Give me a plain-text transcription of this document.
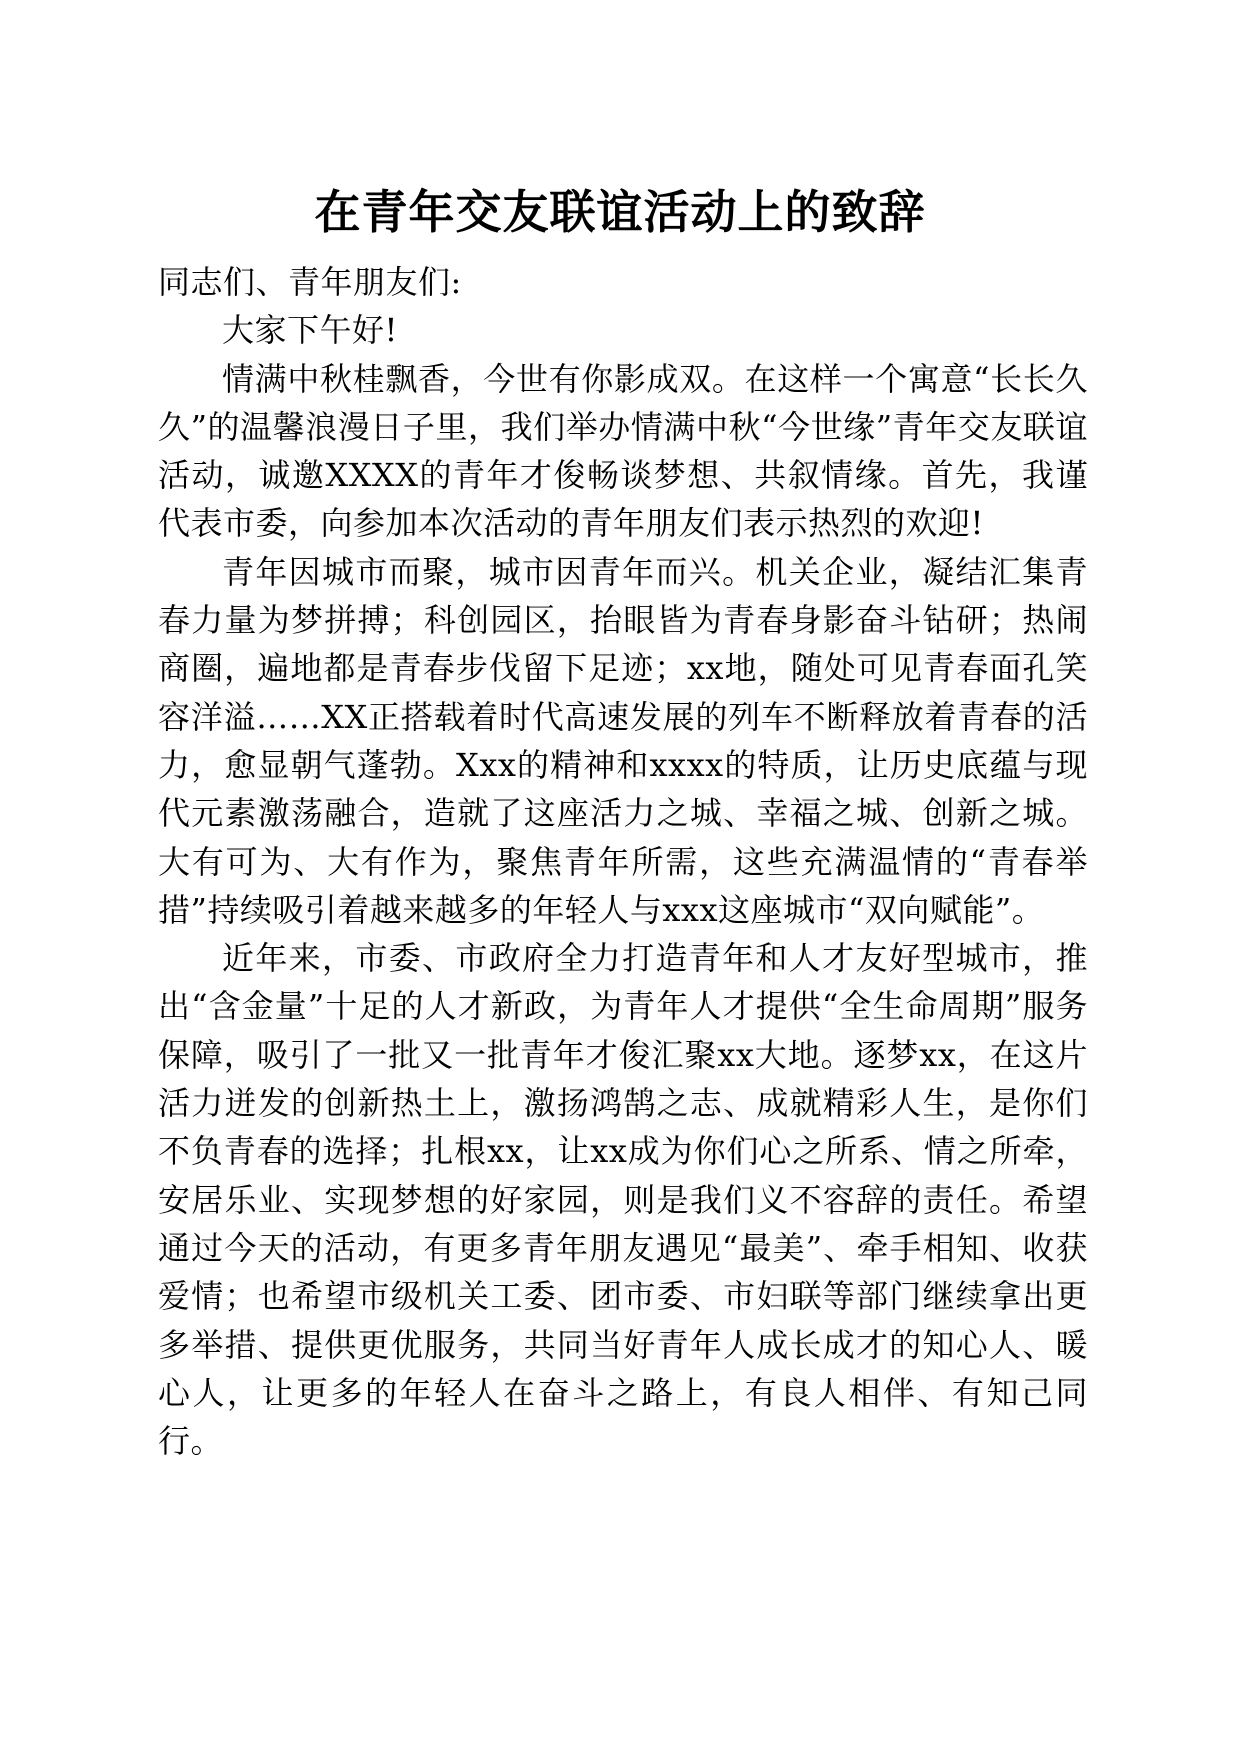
在青年交友联谊活动上的致辞

同志们、青年朋友们:

大家下午好!

情满中秋桂飘香，今世有你影成双。在这样一个寓意“长长久久”的温馨浪漫日子里，我们举办情满中秋“今世缘”青年交友联谊活动，诚邀XXXX的青年才俊畅谈梦想、共叙情缘。首先，我谨代表市委，向参加本次活动的青年朋友们表示热烈的欢迎!

青年因城市而聚，城市因青年而兴。机关企业，凝结汇集青春力量为梦拼搏；科创园区，抬眼皆为青春身影奋斗钻研；热闹商圈，遍地都是青春步伐留下足迹；xx地，随处可见青春面孔笑容洋溢……XX正搭载着时代高速发展的列车不断释放着青春的活力，愈显朝气蓬勃。Xxx的精神和xxxx的特质，让历史底蕴与现代元素激荡融合，造就了这座活力之城、幸福之城、创新之城。大有可为、大有作为，聚焦青年所需，这些充满温情的“青春举措”持续吸引着越来越多的年轻人与xxx这座城市“双向赋能”。

近年来，市委、市政府全力打造青年和人才友好型城市，推出“含金量”十足的人才新政，为青年人才提供“全生命周期”服务保障，吸引了一批又一批青年才俊汇聚xx大地。逐梦xx，在这片活力迸发的创新热土上，激扬鸿鹄之志、成就精彩人生，是你们不负青春的选择；扎根xx，让xx成为你们心之所系、情之所牵，安居乐业、实现梦想的好家园，则是我们义不容辞的责任。希望通过今天的活动，有更多青年朋友遇见“最美”、牵手相知、收获爱情；也希望市级机关工委、团市委、市妇联等部门继续拿出更多举措、提供更优服务，共同当好青年人成长成才的知心人、暖心人，让更多的年轻人在奋斗之路上，有良人相伴、有知己同行。
